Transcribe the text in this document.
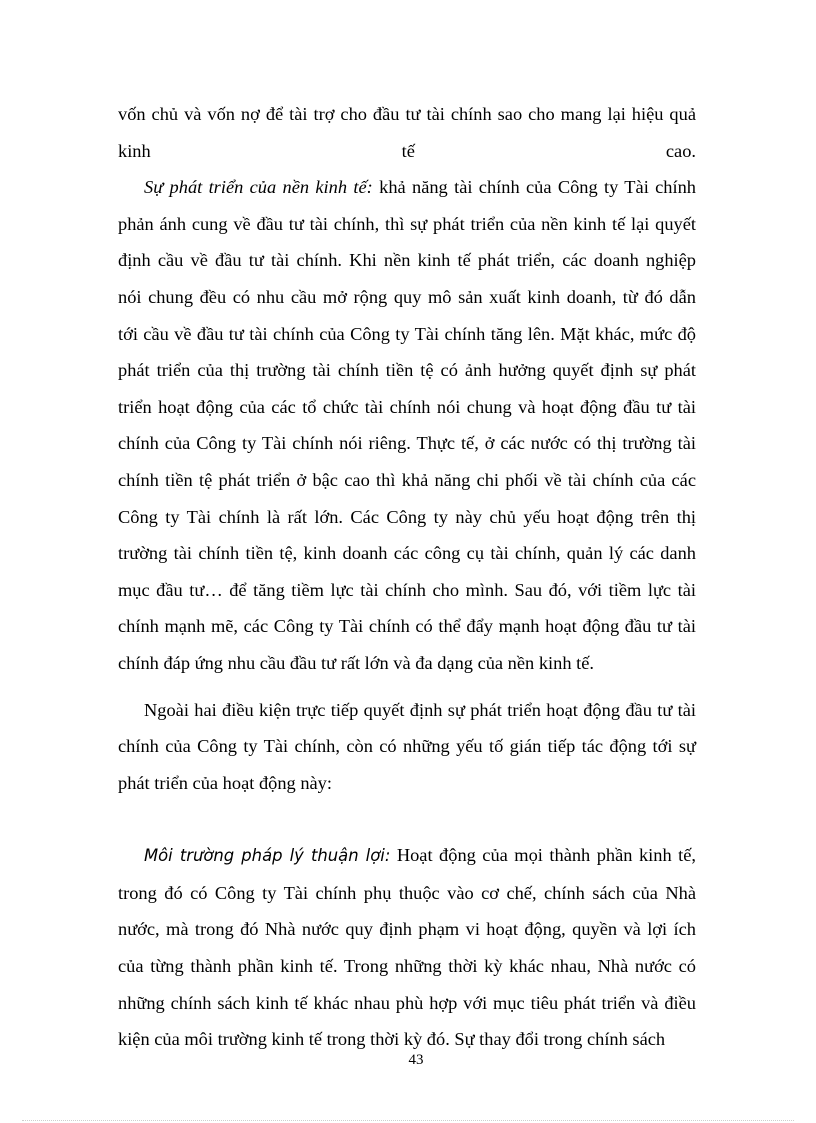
vốn chủ và vốn nợ để tài trợ cho đầu tư tài chính sao cho mang lại hiệu quả
kinh tế cao.
Sự phát triển của nền kinh tế: khả năng tài chính của Công ty Tài chính
phản ánh cung về đầu tư tài chính, thì sự phát triển của nền kinh tế lại quyết
định cầu về đầu tư tài chính. Khi nền kinh tế phát triển, các doanh nghiệp
nói chung đều có nhu cầu mở rộng quy mô sản xuất kinh doanh, từ đó dẫn
tới cầu về đầu tư tài chính của Công ty Tài chính tăng lên. Mặt khác, mức độ
phát triển của thị trường tài chính tiền tệ có ảnh hưởng quyết định sự phát
triển hoạt động của các tổ chức tài chính nói chung và hoạt động đầu tư tài
chính của Công ty Tài chính nói riêng. Thực tế, ở các nước có thị trường tài
chính tiền tệ phát triển ở bậc cao thì khả năng chi phối về tài chính của các
Công ty Tài chính là rất lớn. Các Công ty này chủ yếu hoạt động trên thị
trường tài chính tiền tệ, kinh doanh các công cụ tài chính, quản lý các danh
mục đầu tư… để tăng tiềm lực tài chính cho mình. Sau đó, với tiềm lực tài
chính mạnh mẽ, các Công ty Tài chính có thể đẩy mạnh hoạt động đầu tư tài
chính đáp ứng nhu cầu đầu tư rất lớn và đa dạng của nền kinh tế.
Ngoài hai điều kiện trực tiếp quyết định sự phát triển hoạt động đầu tư tài
chính của Công ty Tài chính, còn có những yếu tố gián tiếp tác động tới sự
phát triển của hoạt động này:
Môi trường pháp lý thuận lợi: Hoạt động của mọi thành phần kinh tế,
trong đó có Công ty Tài chính phụ thuộc vào cơ chế, chính sách của Nhà
nước, mà trong đó Nhà nước quy định phạm vi hoạt động, quyền và lợi ích
của từng thành phần kinh tế. Trong những thời kỳ khác nhau, Nhà nước có
những chính sách kinh tế khác nhau phù hợp với mục tiêu phát triển và điều
kiện của môi trường kinh tế trong thời kỳ đó. Sự thay đổi trong chính sách
43
